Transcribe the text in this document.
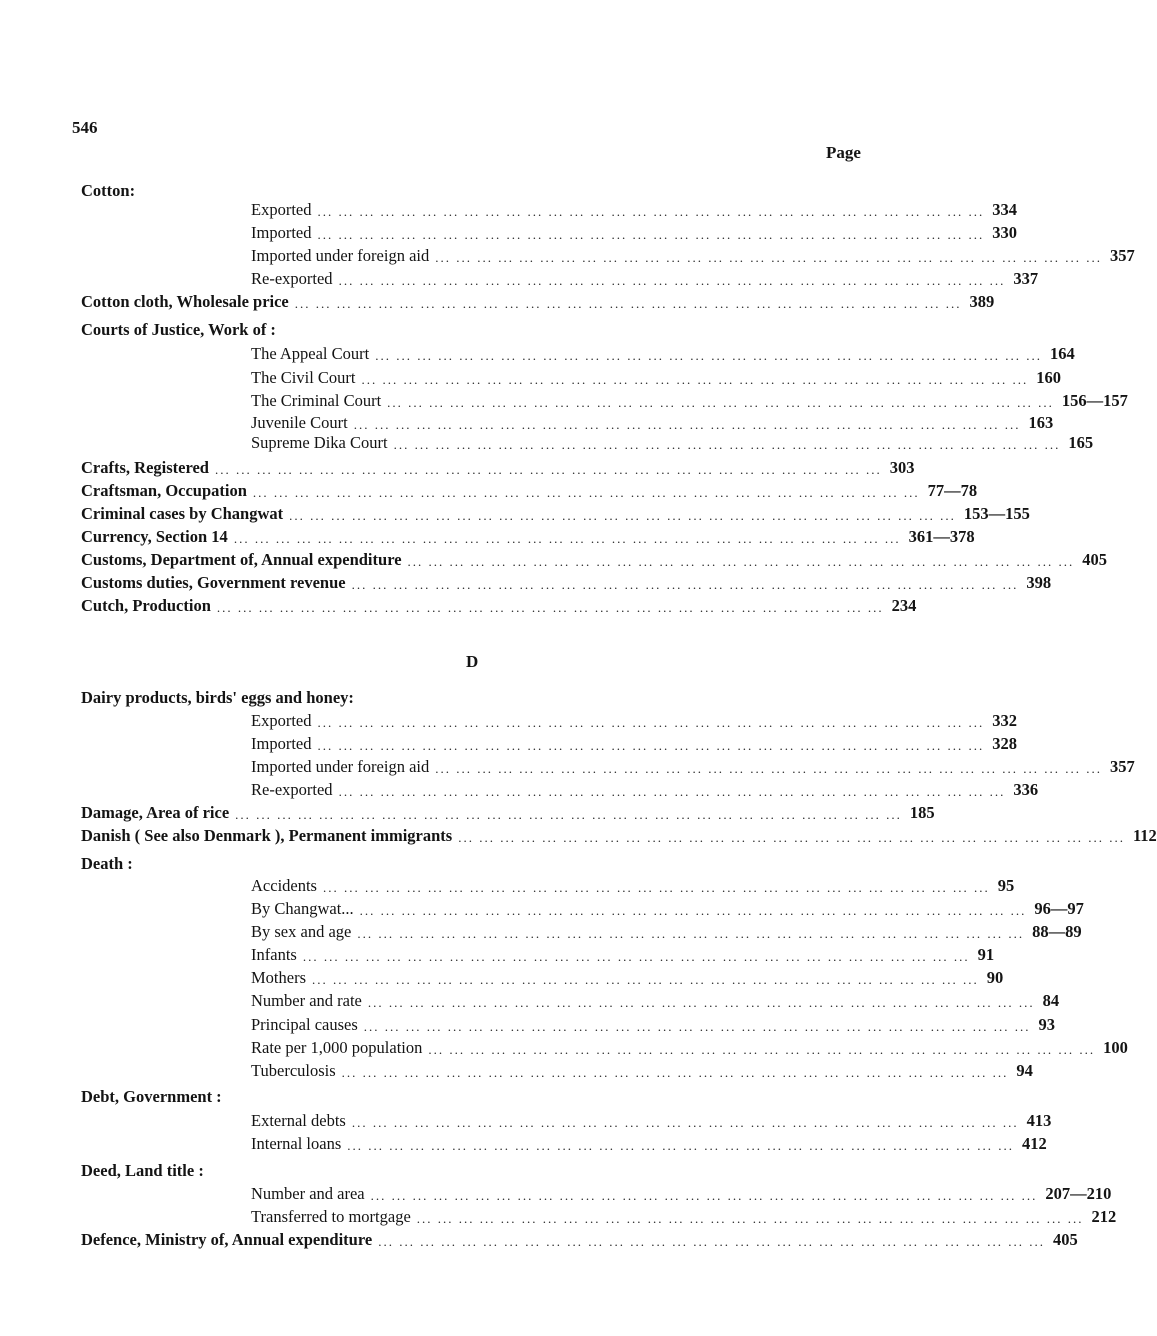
546
Page
Cotton:
Exported ... ... ... ... ... ... ... ... ... ... ... ... ... ... ... ... ... ... ... ... ... ... ... ... ... ... ... ... ... ... ... ... 334
Imported ... ... ... ... ... ... ... ... ... ... ... ... ... ... ... ... ... ... ... ... ... ... ... ... ... ... ... ... ... ... ... ... 330
Imported under foreign aid ... ... ... ... ... ... ... ... ... ... ... ... ... ... ... ... ... ... ... ... ... ... ... ... ... ... ... ... ... ... ... ... 357
Re-exported ... ... ... ... ... ... ... ... ... ... ... ... ... ... ... ... ... ... ... ... ... ... ... ... ... ... ... ... ... ... ... ... 337
Cotton cloth, Wholesale price ... ... ... ... ... ... ... ... ... ... ... ... ... ... ... ... ... ... ... ... ... ... ... ... ... ... ... ... ... ... ... ... 389
Courts of Justice, Work of :
The Appeal Court ... ... ... ... ... ... ... ... ... ... ... ... ... ... ... ... ... ... ... ... ... ... ... ... ... ... ... ... ... ... ... ... 164
The Civil Court ... ... ... ... ... ... ... ... ... ... ... ... ... ... ... ... ... ... ... ... ... ... ... ... ... ... ... ... ... ... ... ... 160
The Criminal Court ... ... ... ... ... ... ... ... ... ... ... ... ... ... ... ... ... ... ... ... ... ... ... ... ... ... ... ... ... ... ... ... 156—157
Juvenile Court ... ... ... ... ... ... ... ... ... ... ... ... ... ... ... ... ... ... ... ... ... ... ... ... ... ... ... ... ... ... ... ... 163
Supreme Dika Court ... ... ... ... ... ... ... ... ... ... ... ... ... ... ... ... ... ... ... ... ... ... ... ... ... ... ... ... ... ... ... ... 165
Crafts, Registered ... ... ... ... ... ... ... ... ... ... ... ... ... ... ... ... ... ... ... ... ... ... ... ... ... ... ... ... ... ... ... ... 303
Craftsman, Occupation ... ... ... ... ... ... ... ... ... ... ... ... ... ... ... ... ... ... ... ... ... ... ... ... ... ... ... ... ... ... ... ... 77—78
Criminal cases by Changwat ... ... ... ... ... ... ... ... ... ... ... ... ... ... ... ... ... ... ... ... ... ... ... ... ... ... ... ... ... ... ... ... 153—155
Currency, Section 14 ... ... ... ... ... ... ... ... ... ... ... ... ... ... ... ... ... ... ... ... ... ... ... ... ... ... ... ... ... ... ... ... 361—378
Customs, Department of, Annual expenditure ... ... ... ... ... ... ... ... ... ... ... ... ... ... ... ... ... ... ... ... ... ... ... ... ... ... ... ... ... ... ... ... 405
Customs duties, Government revenue ... ... ... ... ... ... ... ... ... ... ... ... ... ... ... ... ... ... ... ... ... ... ... ... ... ... ... ... ... ... ... ... 398
Cutch, Production ... ... ... ... ... ... ... ... ... ... ... ... ... ... ... ... ... ... ... ... ... ... ... ... ... ... ... ... ... ... ... ... 234
D
Dairy products, birds' eggs and honey:
Exported ... ... ... ... ... ... ... ... ... ... ... ... ... ... ... ... ... ... ... ... ... ... ... ... ... ... ... ... ... ... ... ... 332
Imported ... ... ... ... ... ... ... ... ... ... ... ... ... ... ... ... ... ... ... ... ... ... ... ... ... ... ... ... ... ... ... ... 328
Imported under foreign aid ... ... ... ... ... ... ... ... ... ... ... ... ... ... ... ... ... ... ... ... ... ... ... ... ... ... ... ... ... ... ... ... 357
Re-exported ... ... ... ... ... ... ... ... ... ... ... ... ... ... ... ... ... ... ... ... ... ... ... ... ... ... ... ... ... ... ... ... 336
Damage, Area of rice ... ... ... ... ... ... ... ... ... ... ... ... ... ... ... ... ... ... ... ... ... ... ... ... ... ... ... ... ... ... ... ... 185
Danish ( See also Denmark ), Permanent immigrants ... ... ... ... ... ... ... ... ... ... ... ... ... ... ... ... ... ... ... ... ... ... ... ... ... ... ... ... ... ... ... ... 112
Death :
Accidents ... ... ... ... ... ... ... ... ... ... ... ... ... ... ... ... ... ... ... ... ... ... ... ... ... ... ... ... ... ... ... ... 95
By Changwat... ... ... ... ... ... ... ... ... ... ... ... ... ... ... ... ... ... ... ... ... ... ... ... ... ... ... ... ... ... ... ... ... 96—97
By sex and age ... ... ... ... ... ... ... ... ... ... ... ... ... ... ... ... ... ... ... ... ... ... ... ... ... ... ... ... ... ... ... ... 88—89
Infants ... ... ... ... ... ... ... ... ... ... ... ... ... ... ... ... ... ... ... ... ... ... ... ... ... ... ... ... ... ... ... ... 91
Mothers ... ... ... ... ... ... ... ... ... ... ... ... ... ... ... ... ... ... ... ... ... ... ... ... ... ... ... ... ... ... ... ... 90
Number and rate ... ... ... ... ... ... ... ... ... ... ... ... ... ... ... ... ... ... ... ... ... ... ... ... ... ... ... ... ... ... ... ... 84
Principal causes ... ... ... ... ... ... ... ... ... ... ... ... ... ... ... ... ... ... ... ... ... ... ... ... ... ... ... ... ... ... ... ... 93
Rate per 1,000 population ... ... ... ... ... ... ... ... ... ... ... ... ... ... ... ... ... ... ... ... ... ... ... ... ... ... ... ... ... ... ... ... 100
Tuberculosis ... ... ... ... ... ... ... ... ... ... ... ... ... ... ... ... ... ... ... ... ... ... ... ... ... ... ... ... ... ... ... ... 94
Debt, Government :
External debts ... ... ... ... ... ... ... ... ... ... ... ... ... ... ... ... ... ... ... ... ... ... ... ... ... ... ... ... ... ... ... ... 413
Internal loans ... ... ... ... ... ... ... ... ... ... ... ... ... ... ... ... ... ... ... ... ... ... ... ... ... ... ... ... ... ... ... ... 412
Deed, Land title :
Number and area ... ... ... ... ... ... ... ... ... ... ... ... ... ... ... ... ... ... ... ... ... ... ... ... ... ... ... ... ... ... ... ... 207—210
Transferred to mortgage ... ... ... ... ... ... ... ... ... ... ... ... ... ... ... ... ... ... ... ... ... ... ... ... ... ... ... ... ... ... ... ... 212
Defence, Ministry of, Annual expenditure ... ... ... ... ... ... ... ... ... ... ... ... ... ... ... ... ... ... ... ... ... ... ... ... ... ... ... ... ... ... ... ... 405
